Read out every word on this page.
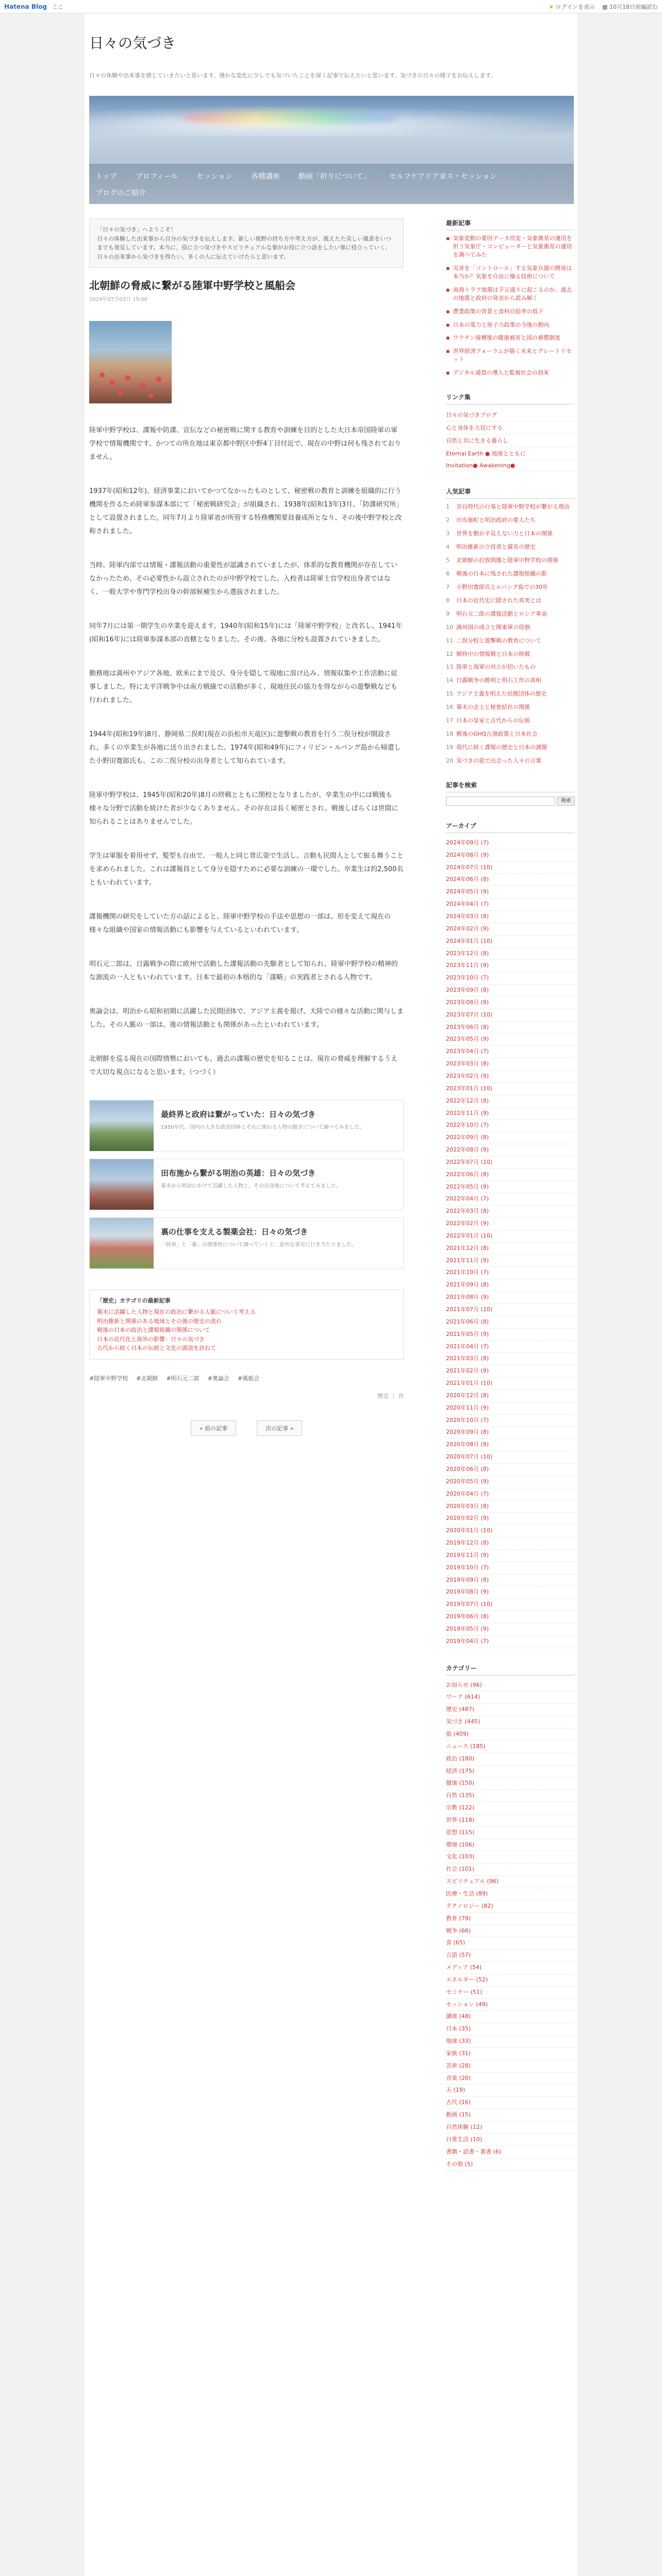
Hatena Blog ここ	★ ログインを表示 ▦ 10月18日前編読む
日々の気づき
日々の体験や出来事を感じていきたいと思います。僅かな変化に少しでも気づいたことを深く記事で伝えたいと思います。気づきの日々の様子をお伝えします。
トップ	プロフィール	セッション	各種講座	動画「折りについて」	セルフケアリア求ス・セッション
ブログのご紹介
「日々の気づき」へようこそ！
日々の体験した出来事から自分の気づきを伝えします。新しい視野の持ち方や考え方が、既えたた美しい風景をいつまでも発見しています。本当に、役に立つ気づきやスピリチュアルな事がお役に立つ話をしたい事に役立っていく、日々の出来事から気づきを得たい、多くの人に伝えていけたらと思います。
北朝鮮の脅威に繋がる陸軍中野学校と風船会
2024年07月03日 15:00

陸軍中野学校は、諜報や防諜、宣伝などの秘密戦に関する教育や訓練を目的とした大日本帝国陸軍の軍学校で情報機関です。かつての所在地は東京都中野区中野4丁目付近で、現在の中野は何も残されておりません。

1937年(昭和12年)、経済事業においてかつてなかったものとして、秘密戦の教育と訓練を組織的に行う機関を作るため陸軍参謀本部にて「秘密戦研究会」が組織され、1938年(昭和13年)3月、「防諜研究所」として設置されました。同年7月より陸軍省が所管する特務機関要員養成所となり、その後中野学校と改称されました。

当時、陸軍内部では情報・諜報活動の重要性が認識されていましたが、体系的な教育機関が存在していなかったため、その必要性から設立されたのが中野学校でした。入校者は陸軍士官学校出身者ではなく、一般大学や専門学校出身の幹部候補生から選抜されました。

同年7月には第一期学生の卒業を迎えます。1940年(昭和15年)には「陸軍中野学校」と改名し、1941年(昭和16年)には陸軍参謀本部の直轄となりました。その後、各地に分校も設置されていきました。

勤務地は満州やアジア各地、欧米にまで及び、身分を隠して現地に溶け込み、情報収集や工作活動に従事しました。特に太平洋戦争中は南方戦線での活動が多く、現地住民の協力を得ながらの遊撃戦なども行われました。

1944年(昭和19年)8月、静岡県二俣町(現在の浜松市天竜区)に遊撃戦の教育を行う二俣分校が開設され、多くの卒業生が各地に送り出されました。1974年(昭和49年)にフィリピン・ルバング島から帰還した小野田寛郎氏も、この二俣分校の出身者として知られています。

陸軍中野学校は、1945年(昭和20年)8月の終戦とともに閉校となりましたが、卒業生の中には戦後も様々な分野で活動を続けた者が少なくありません。その存在は長く秘密とされ、戦後しばらくは世間に知られることはありませんでした。

学生は軍服を着用せず、髪型も自由で、一般人と同じ背広姿で生活し、言動も民間人として振る舞うことを求められました。これは諜報員として身分を隠すために必要な訓練の一環でした。卒業生は約2,500名ともいわれています。

諜報機関の研究をしていた方の話によると、陸軍中野学校の手法や思想の一部は、形を変えて現在の様々な組織や国家の情報活動にも影響を与えているといわれています。

明石元二郎は、日露戦争の際に欧州で活動した諜報活動の先駆者として知られ、陸軍中野学校の精神的な源流の一人ともいわれています。日本で最初の本格的な「謀略」の実践者とされる人物です。

奥論会は、明治から昭和初期に活躍した民間団体で、アジア主義を掲げ、大陸での様々な活動に関与しました。その人脈の一部は、後の情報活動とも関係があったといわれています。

北朝鮮を巡る現在の国際情勢においても、過去の諜報の歴史を知ることは、現在の脅威を理解するうえで大切な視点になると思います。（つづく）

最終界と政府は繋がっていた：日々の気づき
1950年代、国内の大きな政治団体とそれに関わる人物の動きについて調べてみました。
田布施から繋がる明治の英雄：日々の気づき
幕末から明治にかけて活躍した人物と、その出身地について考えてみました。
裏の仕事を支える製薬会社：日々の気づき
「陸軍」と「薬」の関係性について調べていくと、意外な事実に行き当たりました。
「歴史」カテゴリの最新記事
幕末に活躍した人物と現在の政治に繋がる人脈について考える
明治維新と関係のある地域とその後の歴史の流れ
戦後の日本の政治と諜報組織の関係について
日本の近代化と海外の影響：日々の気づき
古代から続く日本の伝統と文化の源流を訪ねて
#陸軍中野学校 #北朝鮮 #明石元二郎 #奥論会 #風船会
歴史 ｜ 共
« 前の記事	次の記事 »
最新記事
▪ 気象変動の要因データ改変・気象衛星の運用を担う気象庁・コンピューターと気象衛星の運用を調べてみた
▪ 災害を「コントロール」する気象兵器の開発は本当か？気象を自由に操る技術について
▪ 南海トラフ地震は予言通りに起こるのか、過去の地震と政府の発表から読み解く
▪ 農業政策の背景と食料自給率の低下
▪ 日本の電力と原子力政策の今後の動向
▪ ワクチン接種後の健康被害と国の補償制度
▪ 世界経済フォーラムが描く未来とグレートリセット
▪ デジタル通貨の導入と監視社会の到来
リンク集
日々の気づきブログ
心と身体を大切にする
自然と共に生きる暮らし
Eternal Earth ● 地球とともに
Invitation● Awakening●
人気記事
1	奈良時代の行基と陸軍中野学校が繋がる理由
2	田布施町と明治政府の要人たち
3	世界を動かす見えない力と日本の関係
4	明治維新の立役者と薩長の歴史
5	北朝鮮の拉致問題と陸軍中野学校の関係
6	戦後の日本に残された諜報組織の影
7	小野田寛郎氏とルバング島での30年
8	日本の近代史に隠された真実とは
9	明石元二郎の諜報活動とロシア革命
10 満州国の成立と関東軍の役割
11 二俣分校と遊撃戦の教育について
12 戦時中の情報戦と日本の敗戦
13 陸軍と海軍の対立が招いたもの
14 日露戦争の勝利と明石工作の真相
15 アジア主義を唱えた民間団体の歴史
16 幕末の志士と秘密結社の関係
17 日本の皇室と古代からの伝統
18 戦後のGHQ占領政策と日本社会
19 現代に続く諜報の歴史と日本の課題
20 気づきの旅で出会った人々の言葉
記事を検索
検索
アーカイブ
2024年09月 (7)
2024年08月 (9)
2024年07月 (10)
2024年06月 (8)
2024年05月 (9)
2024年04月 (7)
2024年03月 (8)
2024年02月 (9)
2024年01月 (10)
2023年12月 (8)
2023年11月 (9)
2023年10月 (7)
2023年09月 (8)
2023年08月 (9)
2023年07月 (10)
2023年06月 (8)
2023年05月 (9)
2023年04月 (7)
2023年03月 (8)
2023年02月 (9)
2023年01月 (10)
2022年12月 (8)
2022年11月 (9)
2022年10月 (7)
2022年09月 (8)
2022年08月 (9)
2022年07月 (10)
2022年06月 (8)
2022年05月 (9)
2022年04月 (7)
2022年03月 (8)
2022年02月 (9)
2022年01月 (10)
2021年12月 (8)
2021年11月 (9)
2021年10月 (7)
2021年09月 (8)
2021年08月 (9)
2021年07月 (10)
2021年06月 (8)
2021年05月 (9)
2021年04月 (7)
2021年03月 (8)
2021年02月 (9)
2021年01月 (10)
2020年12月 (8)
2020年11月 (9)
2020年10月 (7)
2020年09月 (8)
2020年08月 (9)
2020年07月 (10)
2020年06月 (8)
2020年05月 (9)
2020年04月 (7)
2020年03月 (8)
2020年02月 (9)
2020年01月 (10)
2019年12月 (8)
2019年11月 (9)
2019年10月 (7)
2019年09月 (8)
2019年08月 (9)
2019年07月 (10)
2019年06月 (8)
2019年05月 (9)
2019年04月 (7)
カテゴリー
お知らせ (96)
ワーク (614)
歴史 (487)
気づき (445)
旅 (409)
ニュース (185)
政治 (180)
経済 (175)
健康 (150)
自然 (135)
宗教 (122)
世界 (118)
思想 (115)
環境 (106)
文化 (103)
社会 (101)
スピリチュアル (96)
医療・生活 (89)
テクノロジー (82)
教育 (79)
戦争 (66)
食 (65)
言語 (57)
メディア (54)
エネルギー (52)
セミナー (51)
セッション (49)
講座 (48)
日本 (35)
地球 (33)
家族 (31)
芸術 (28)
音楽 (20)
天 (19)
古代 (16)
動画 (15)
自然体験 (12)
日常生活 (10)
書籍・読書・著書 (6)
その他 (5)
